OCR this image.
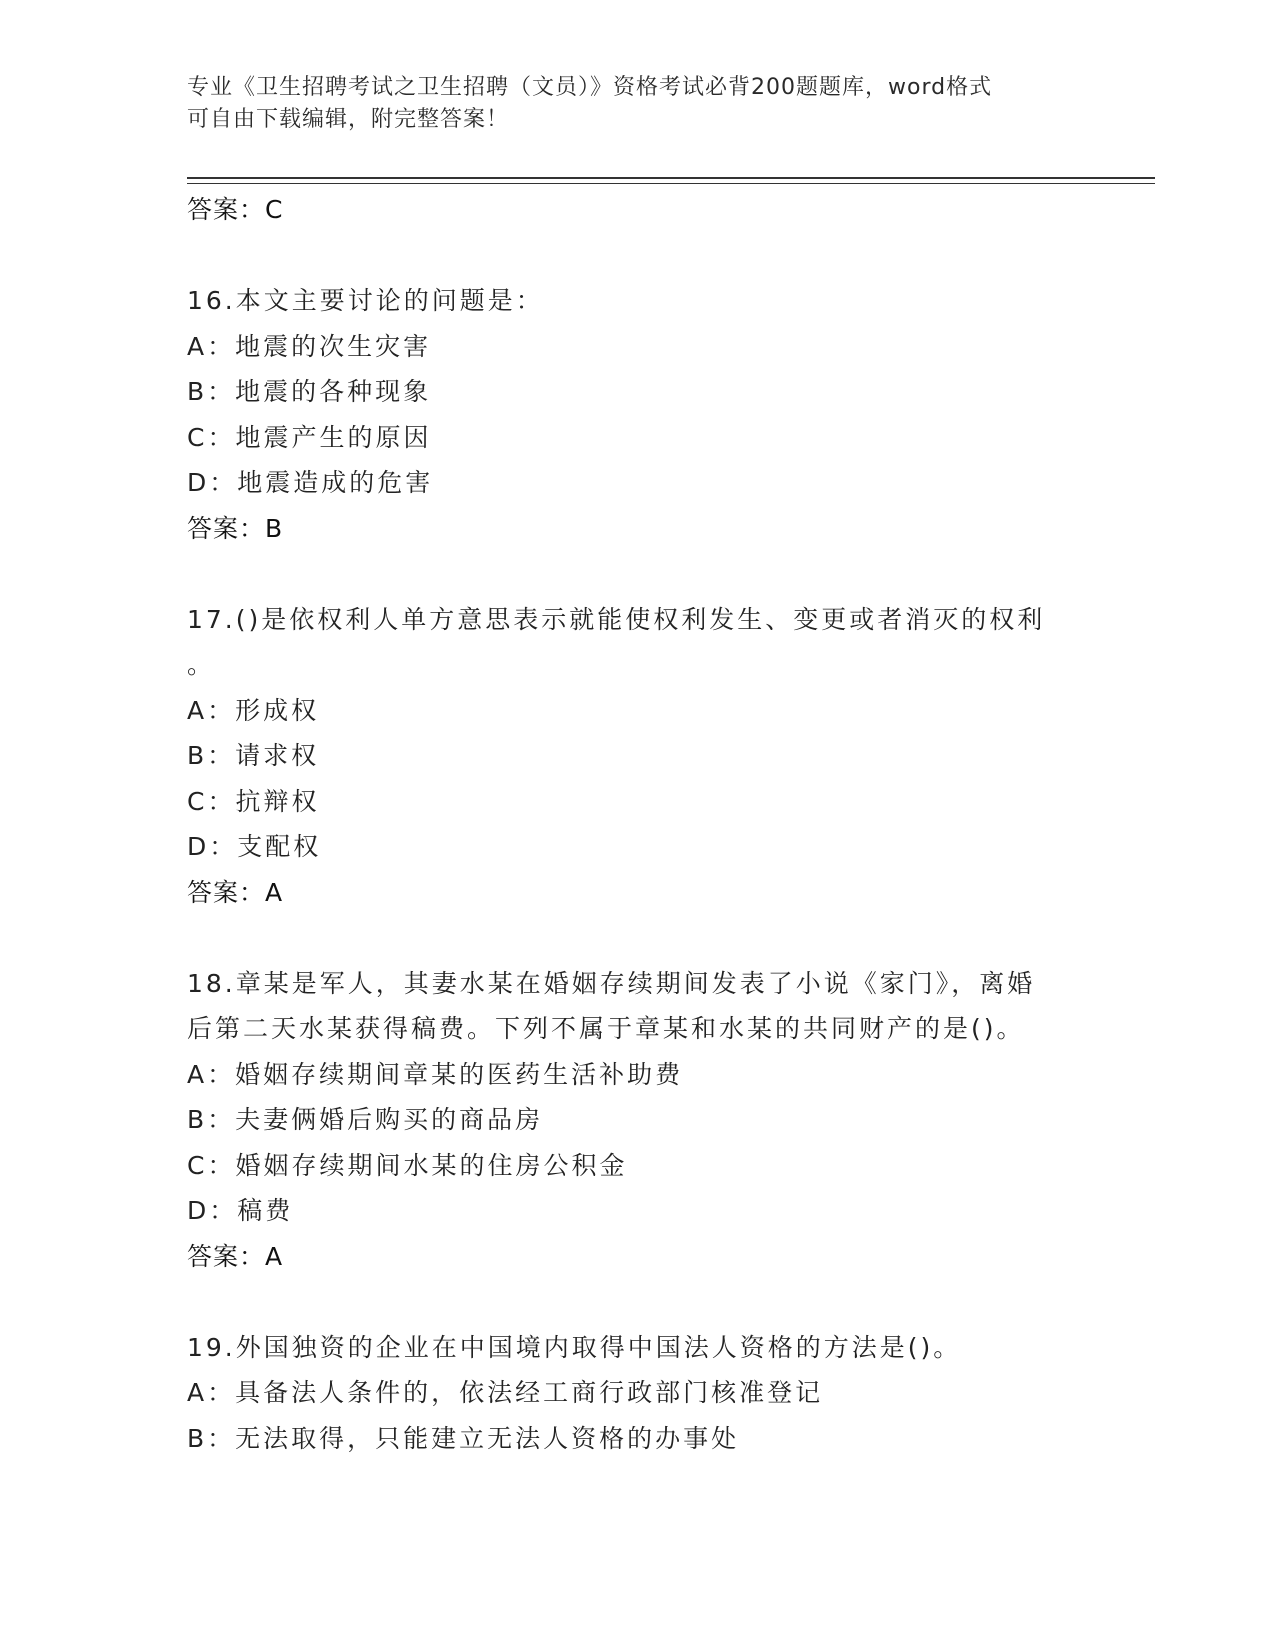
专业《卫生招聘考试之卫生招聘（文员）》资格考试必背200题题库，word格式
可自由下载编辑，附完整答案！
答案：C
16.本文主要讨论的问题是：
A：地震的次生灾害
B：地震的各种现象
C：地震产生的原因
D：地震造成的危害
答案：B
17.()是依权利人单方意思表示就能使权利发生、变更或者消灭的权利
。
A：形成权
B：请求权
C：抗辩权
D：支配权
答案：A
18.章某是军人，其妻水某在婚姻存续期间发表了小说《家门》，离婚
后第二天水某获得稿费。下列不属于章某和水某的共同财产的是()。
A：婚姻存续期间章某的医药生活补助费
B：夫妻俩婚后购买的商品房
C：婚姻存续期间水某的住房公积金
D：稿费
答案：A
19.外国独资的企业在中国境内取得中国法人资格的方法是()。
A：具备法人条件的，依法经工商行政部门核准登记
B：无法取得，只能建立无法人资格的办事处
